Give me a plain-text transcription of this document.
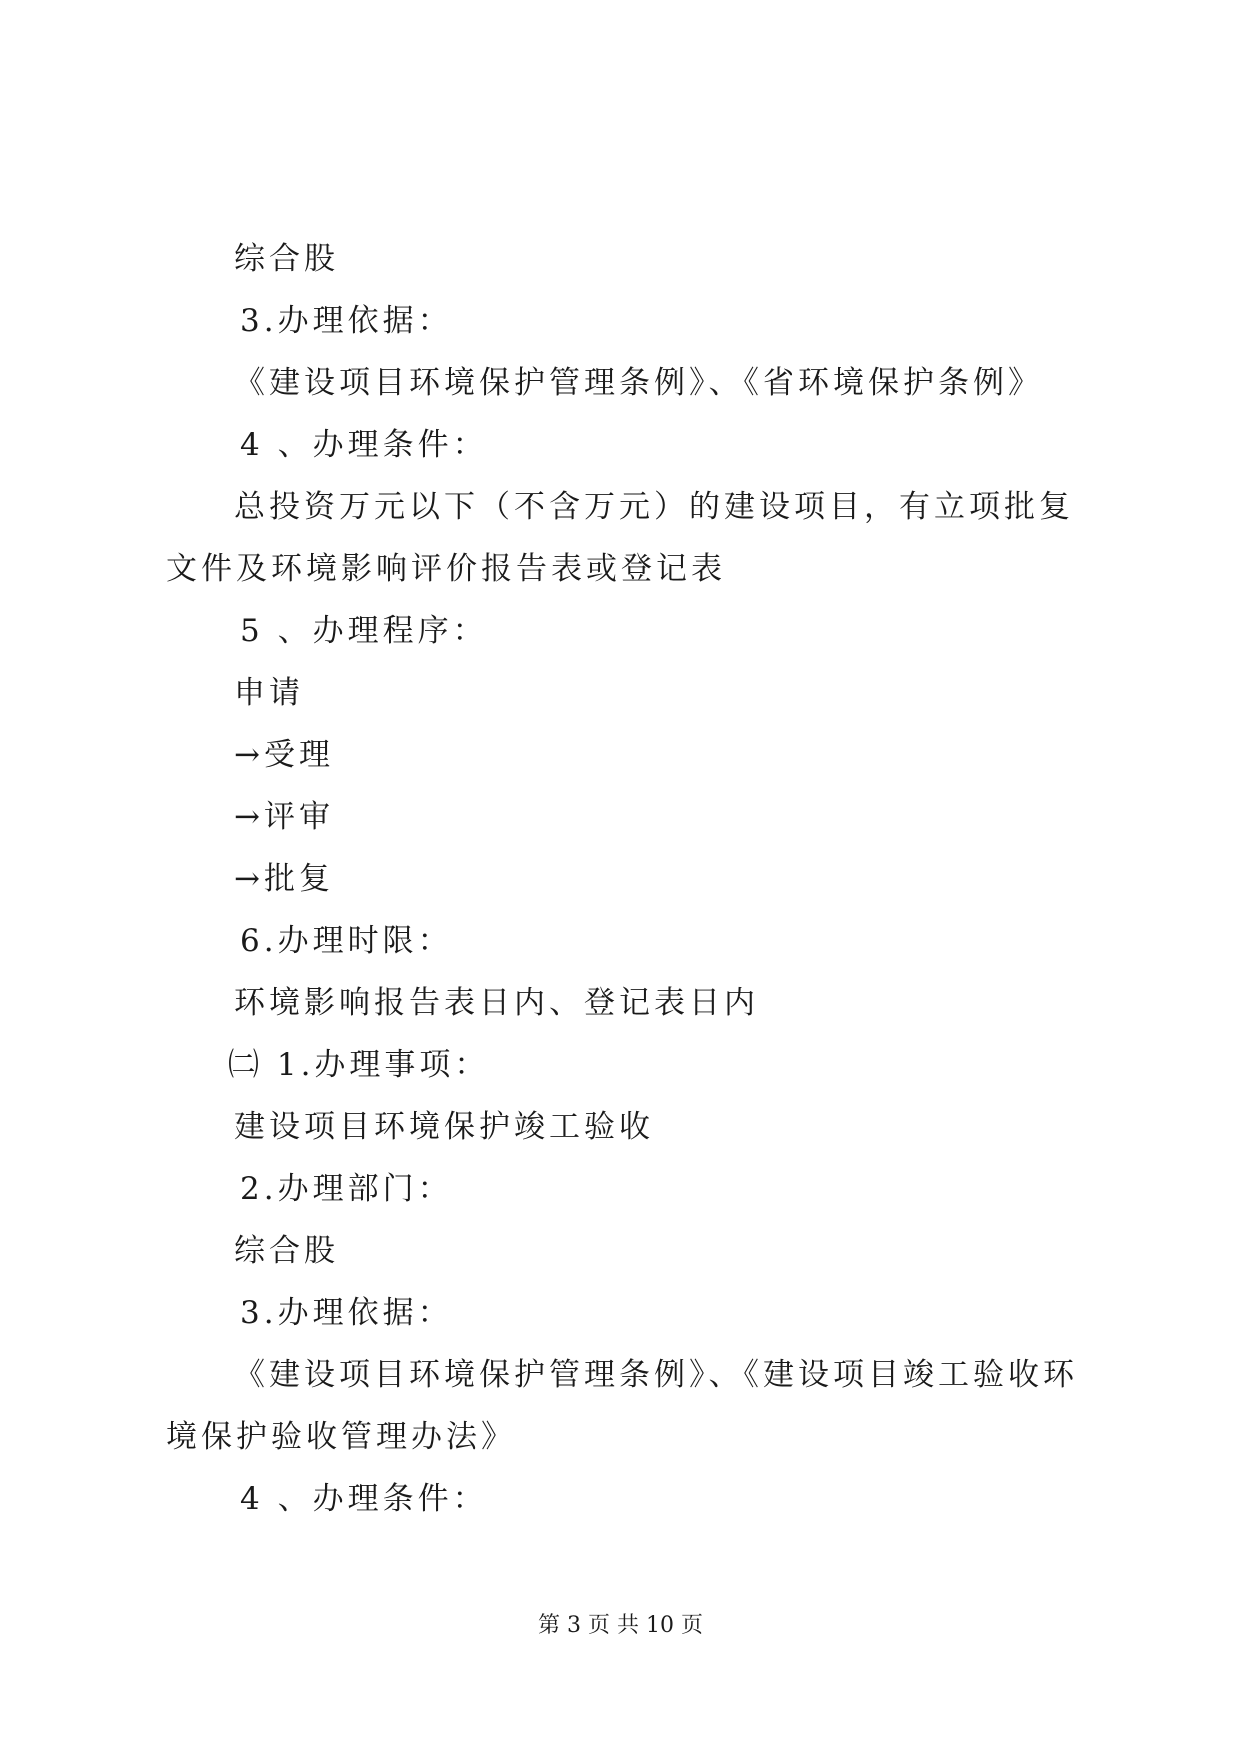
综合股
3.办理依据：
《建设项目环境保护管理条例》、《省环境保护条例》
4 、办理条件：
总投资万元以下（不含万元）的建设项目，有立项批复文件及环境影响评价报告表或登记表
5 、办理程序：
申请
→受理
→评审
→批复
6.办理时限：
环境影响报告表日内、登记表日内
㈡ 1.办理事项：
建设项目环境保护竣工验收
2.办理部门：
综合股
3.办理依据：
《建设项目环境保护管理条例》、《建设项目竣工验收环境保护验收管理办法》
4 、办理条件：
第 3 页 共 10 页
